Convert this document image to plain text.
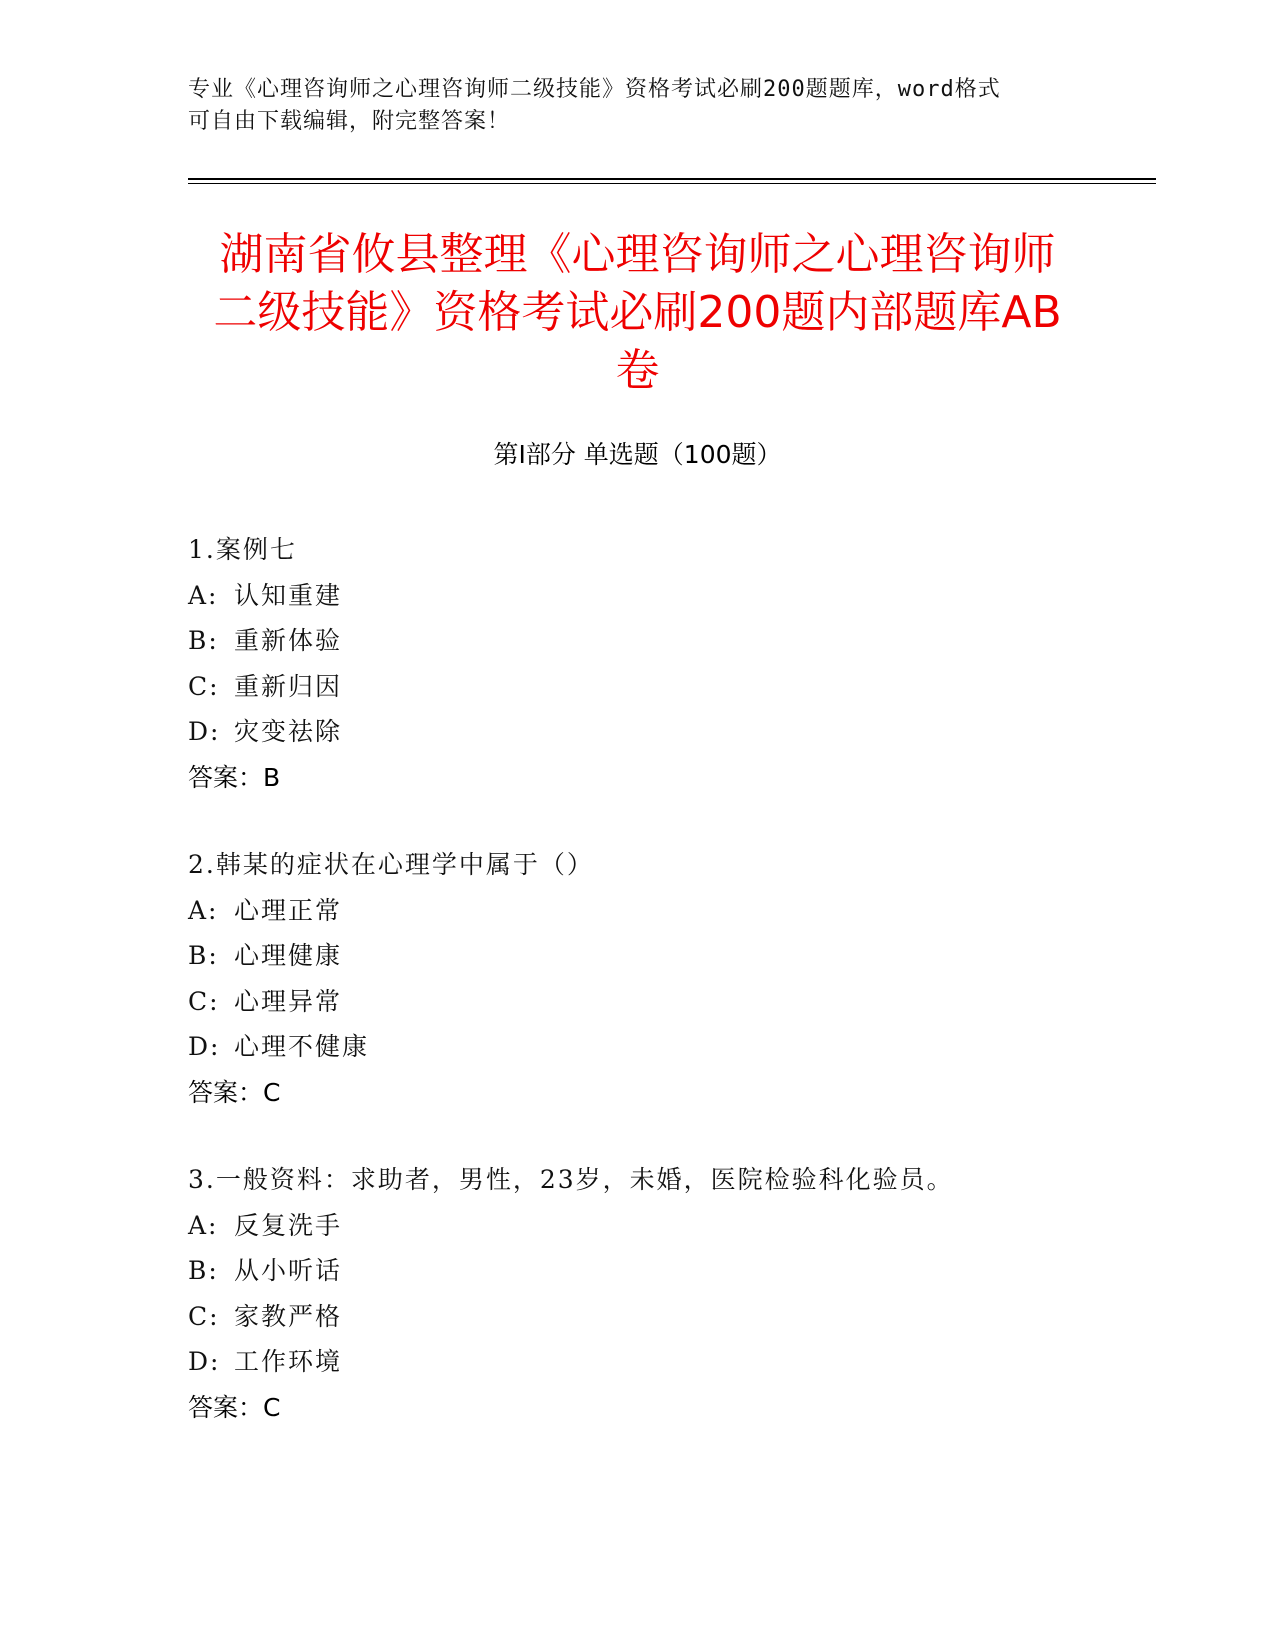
专业《心理咨询师之心理咨询师二级技能》资格考试必刷200题题库，word格式
可自由下载编辑，附完整答案！
湖南省攸县整理《心理咨询师之心理咨询师
二级技能》资格考试必刷200题内部题库AB
卷
第Ⅰ部分 单选题（100题）
1.案例七
A: 认知重建
B: 重新体验
C: 重新归因
D: 灾变祛除
答案：B
2.韩某的症状在心理学中属于（）
A: 心理正常
B: 心理健康
C: 心理异常
D: 心理不健康
答案：C
3.一般资料：求助者，男性，23岁，未婚，医院检验科化验员。
A: 反复洗手
B: 从小听话
C: 家教严格
D: 工作环境
答案：C
